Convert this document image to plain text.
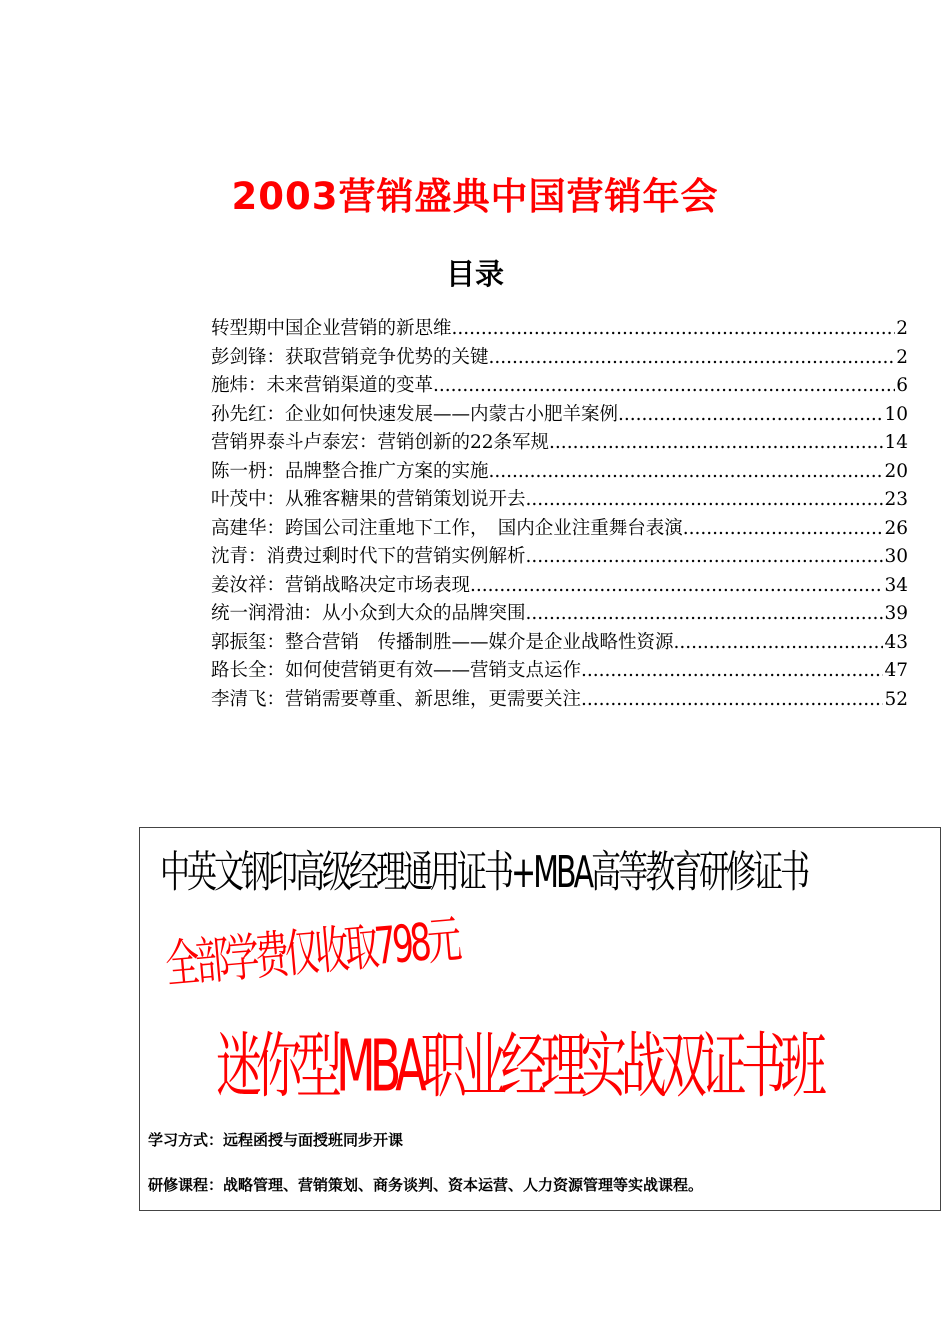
2003营销盛典中国营销年会
目录
转型期中国企业营销的新思维 .....	2
彭剑锋：获取营销竞争优势的关键 .....	2
施炜：未来营销渠道的变革 .....	6
孙先红：企业如何快速发展——内蒙古小肥羊案例 .....	10
营销界泰斗卢泰宏：营销创新的22条军规 .....	14
陈一枬：品牌整合推广方案的实施 .....	20
叶茂中：从雅客糖果的营销策划说开去 .....	23
高建华：跨国公司注重地下工作，　国内企业注重舞台表演 .....	26
沈青：消费过剩时代下的营销实例解析 .....	30
姜汝祥：营销战略决定市场表现 .....	34
统一润滑油：从小众到大众的品牌突围 .....	39
郭振玺：整合营销　传播制胜——媒介是企业战略性资源 .....	43
路长全：如何使营销更有效——营销支点运作 .....	47
李清飞：营销需要尊重、新思维，更需要关注 .....	52
中英文钢印高级经理通用证书+MBA高等教育研修证书
全部学费仅收取798元
迷你型MBA职业经理实战双证书班
学习方式：远程函授与面授班同步开课
研修课程：战略管理、营销策划、商务谈判、资本运营、人力资源管理等实战课程。
